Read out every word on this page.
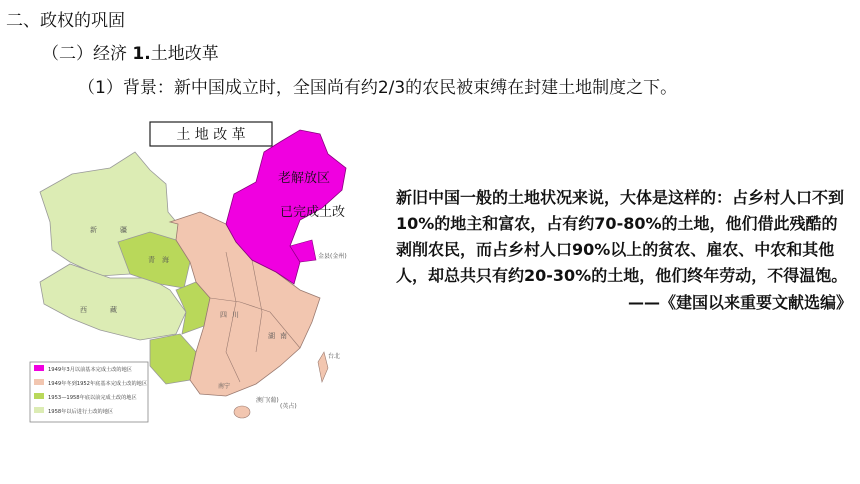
二、政权的巩固
（二）经济 1.土地改革
（1）背景：新中国成立时，全国尚有约2/3的农民被束缚在封建土地制度之下。
土 地 改 革
老解放区
已完成土改
新	疆
青 海
西	藏
四 川
湖 南
南宁
台北
金县(金州)
澳门(葡)
(英占)
1949年3月以前基本完成土改的地区
1949年冬到1952年底基本完成土改的地区
1953—1958年底以前完成土改的地区
1958年以后进行土改的地区
新旧中国一般的土地状况来说，大体是这样的：占乡村人口不到10%的地主和富农，占有约70-80%的土地，他们借此残酷的剥削农民，而占乡村人口90%以上的贫农、雇农、中农和其他人，却总共只有约20-30%的土地，他们终年劳动，不得温饱。
——《建国以来重要文献选编》
